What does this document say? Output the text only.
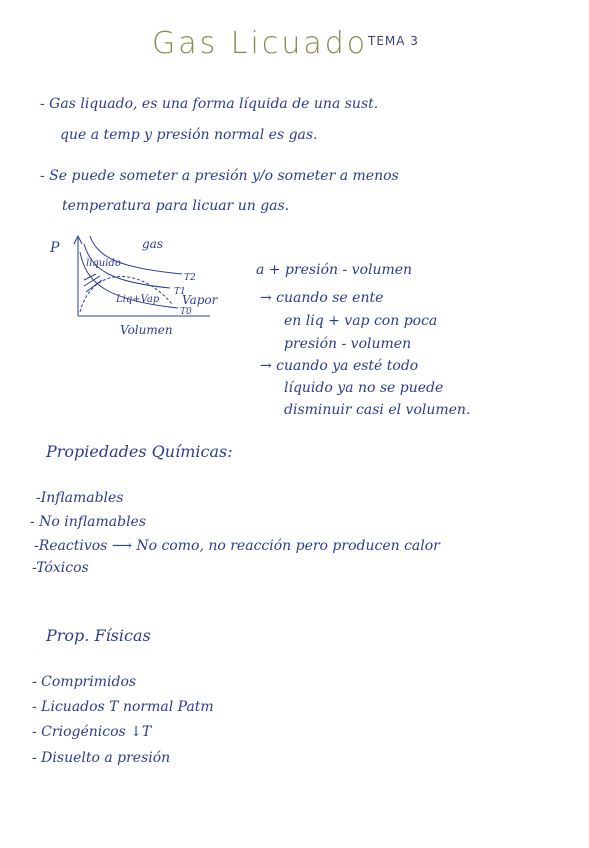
Gas Licuado TEMA 3
- Gas liquado, es una forma líquida de una sust.
que a temp y presión normal es gas.
- Se puede someter a presión y/o someter a menos
temperatura para licuar un gas.
P	gas
liquido
Liq+Vap Vapor
T2
T1
T0
Volumen
a + presión - volumen
→ cuando se ente
en liq + vap con poca
presión - volumen
→ cuando ya esté todo
líquido ya no se puede
disminuir casi el volumen.
Propiedades Químicas:
-Inflamables
- No inflamables
-Reactivos ⟶ No como, no reacción pero producen calor
-Tóxicos
Prop. Físicas
- Comprimidos
- Licuados T normal Patm
- Criogénicos ↓T
- Disuelto a presión
